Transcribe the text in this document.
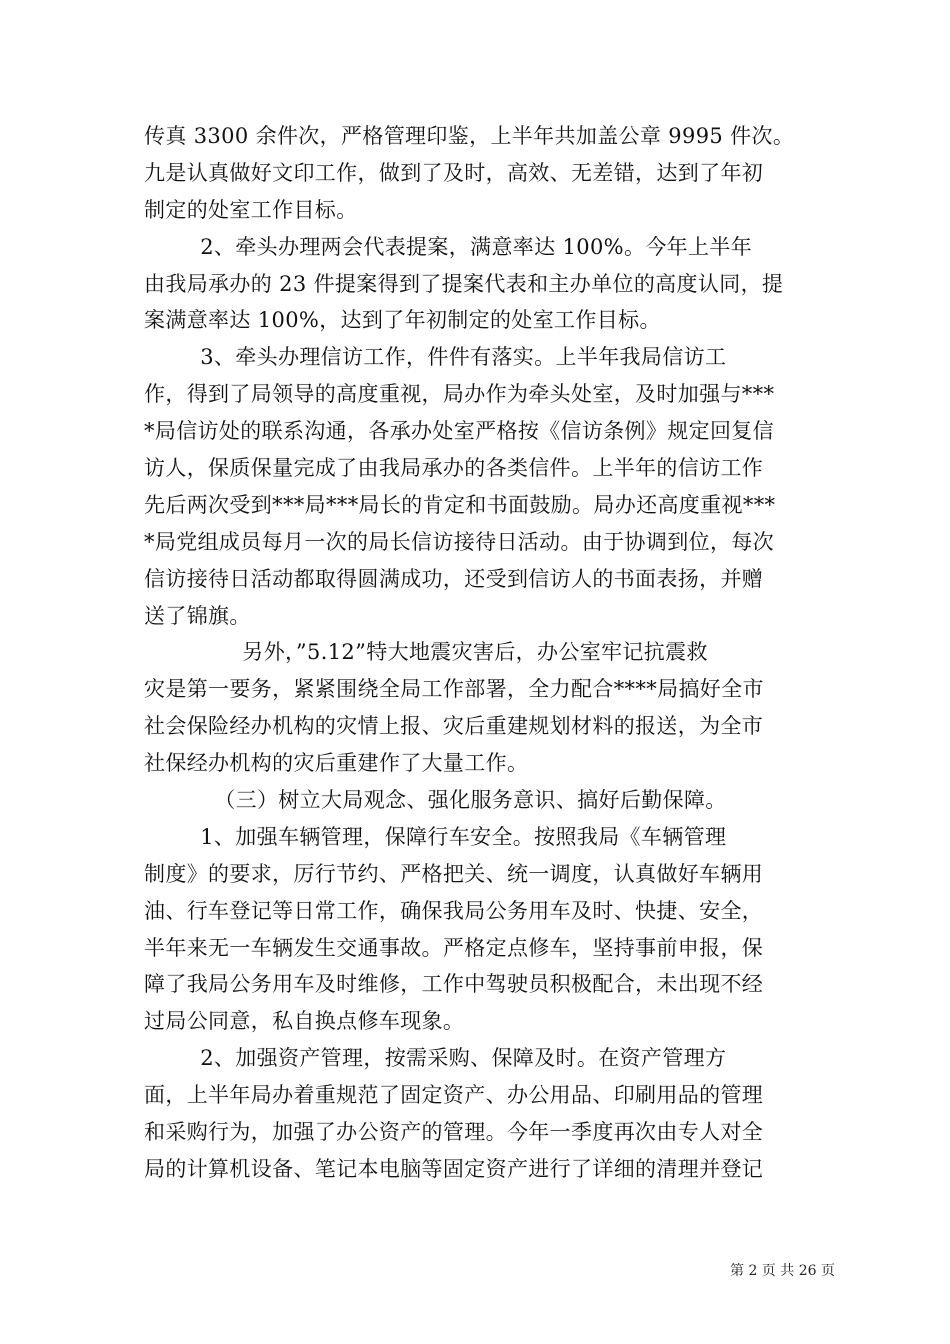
传真 3300 余件次，严格管理印鉴，上半年共加盖公章 9995 件次。
九是认真做好文印工作，做到了及时，高效、无差错，达到了年初
制定的处室工作目标。
2、牵头办理两会代表提案，满意率达 100%。今年上半年
由我局承办的 23 件提案得到了提案代表和主办单位的高度认同，提
案满意率达 100%，达到了年初制定的处室工作目标。
3、牵头办理信访工作，件件有落实。上半年我局信访工
作，得到了局领导的高度重视，局办作为牵头处室，及时加强与***
*局信访处的联系沟通，各承办处室严格按《信访条例》规定回复信
访人，保质保量完成了由我局承办的各类信件。上半年的信访工作
先后两次受到***局***局长的肯定和书面鼓励。局办还高度重视***
*局党组成员每月一次的局长信访接待日活动。由于协调到位，每次
信访接待日活动都取得圆满成功，还受到信访人的书面表扬，并赠
送了锦旗。
另外，”5.12”特大地震灾害后，办公室牢记抗震救
灾是第一要务，紧紧围绕全局工作部署，全力配合****局搞好全市
社会保险经办机构的灾情上报、灾后重建规划材料的报送，为全市
社保经办机构的灾后重建作了大量工作。
（三）树立大局观念、强化服务意识、搞好后勤保障。
1、加强车辆管理，保障行车安全。按照我局《车辆管理
制度》的要求，厉行节约、严格把关、统一调度，认真做好车辆用
油、行车登记等日常工作，确保我局公务用车及时、快捷、安全，
半年来无一车辆发生交通事故。严格定点修车，坚持事前申报，保
障了我局公务用车及时维修，工作中驾驶员积极配合，未出现不经
过局公同意，私自换点修车现象。
2、加强资产管理，按需采购、保障及时。在资产管理方
面，上半年局办着重规范了固定资产、办公用品、印刷用品的管理
和采购行为，加强了办公资产的管理。今年一季度再次由专人对全
局的计算机设备、笔记本电脑等固定资产进行了详细的清理并登记
第 2 页 共 26 页
